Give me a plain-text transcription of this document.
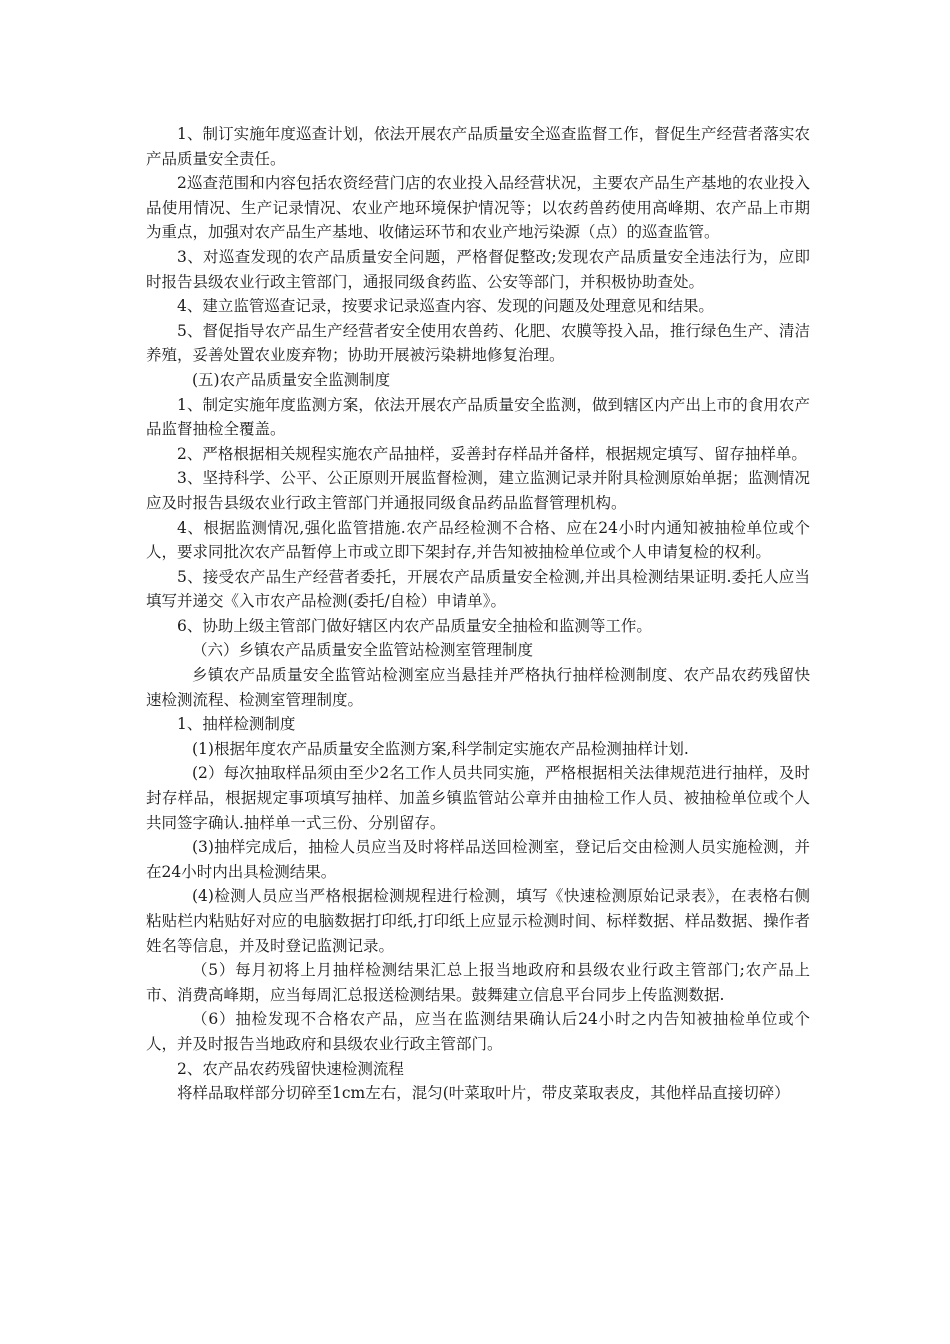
1、制订实施年度巡查计划，依法开展农产品质量安全巡查监督工作，督促生产经营者落实农产品质量安全责任。

2巡查范围和内容包括农资经营门店的农业投入品经营状况，主要农产品生产基地的农业投入品使用情况、生产记录情况、农业产地环境保护情况等；以农药兽药使用高峰期、农产品上市期为重点，加强对农产品生产基地、收储运环节和农业产地污染源（点）的巡查监管。

3、对巡查发现的农产品质量安全问题，严格督促整改;发现农产品质量安全违法行为，应即时报告县级农业行政主管部门，通报同级食药监、公安等部门，并积极协助查处。

4、建立监管巡查记录，按要求记录巡查内容、发现的问题及处理意见和结果。

5、督促指导农产品生产经营者安全使用农兽药、化肥、农膜等投入品，推行绿色生产、清洁养殖，妥善处置农业废弃物；协助开展被污染耕地修复治理。

(五)农产品质量安全监测制度

1、制定实施年度监测方案，依法开展农产品质量安全监测，做到辖区内产出上市的食用农产品监督抽检全覆盖。

2、严格根据相关规程实施农产品抽样，妥善封存样品并备样，根据规定填写、留存抽样单。

3、坚持科学、公平、公正原则开展监督检测，建立监测记录并附具检测原始单据；监测情况应及时报告县级农业行政主管部门并通报同级食品药品监督管理机构。

4、根据监测情况,强化监管措施.农产品经检测不合格、应在24小时内通知被抽检单位或个人，要求同批次农产品暂停上市或立即下架封存,并告知被抽检单位或个人申请复检的权利。

5、接受农产品生产经营者委托，开展农产品质量安全检测,并出具检测结果证明.委托人应当填写并递交《入市农产品检测(委托/自检）申请单》。

6、协助上级主管部门做好辖区内农产品质量安全抽检和监测等工作。

（六）乡镇农产品质量安全监管站检测室管理制度

乡镇农产品质量安全监管站检测室应当悬挂并严格执行抽样检测制度、农产品农药残留快速检测流程、检测室管理制度。

1、抽样检测制度

(1)根据年度农产品质量安全监测方案,科学制定实施农产品检测抽样计划.

(2）每次抽取样品须由至少2名工作人员共同实施，严格根据相关法律规范进行抽样，及时封存样品，根据规定事项填写抽样、加盖乡镇监管站公章并由抽检工作人员、被抽检单位或个人共同签字确认.抽样单一式三份、分别留存。

(3)抽样完成后，抽检人员应当及时将样品送回检测室，登记后交由检测人员实施检测，并在24小时内出具检测结果。

(4)检测人员应当严格根据检测规程进行检测，填写《快速检测原始记录表》，在表格右侧粘贴栏内粘贴好对应的电脑数据打印纸,打印纸上应显示检测时间、标样数据、样品数据、操作者姓名等信息，并及时登记监测记录。

（5）每月初将上月抽样检测结果汇总上报当地政府和县级农业行政主管部门;农产品上市、消费高峰期，应当每周汇总报送检测结果。鼓舞建立信息平台同步上传监测数据.

（6）抽检发现不合格农产品，应当在监测结果确认后24小时之内告知被抽检单位或个人，并及时报告当地政府和县级农业行政主管部门。

2、农产品农药残留快速检测流程

将样品取样部分切碎至1cm左右，混匀(叶菜取叶片，带皮菜取表皮，其他样品直接切碎）
